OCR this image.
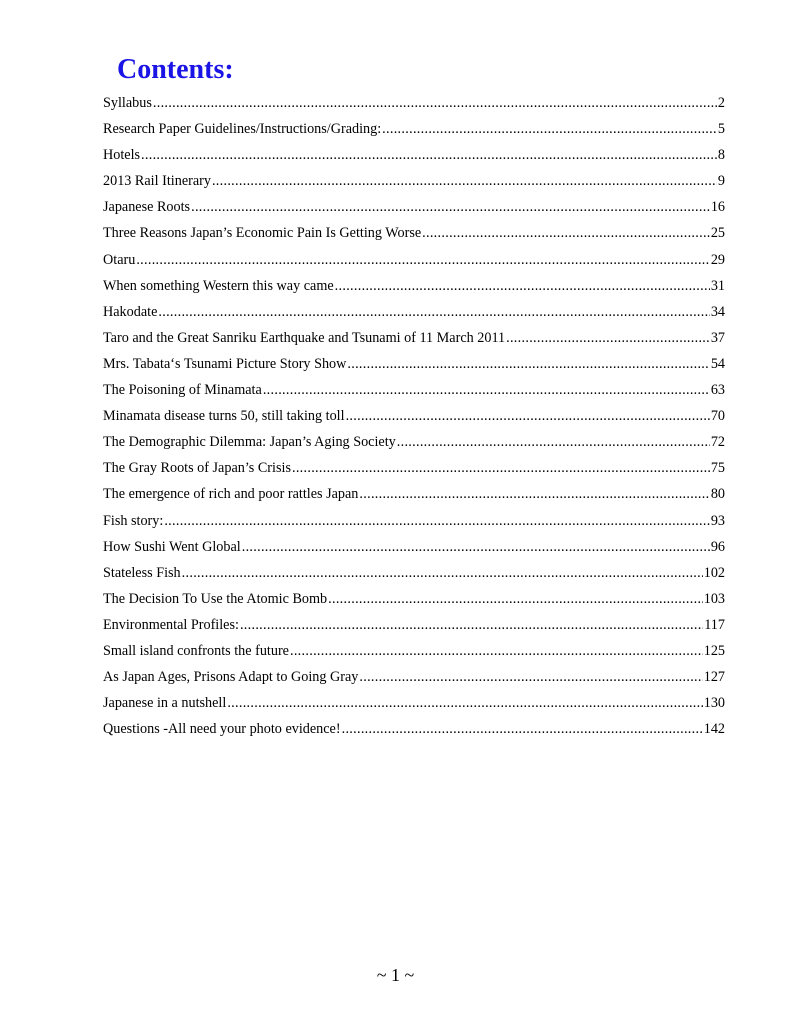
Contents:
Syllabus .....	2
Research Paper Guidelines/Instructions/Grading: .....	5
Hotels .....	8
2013 Rail Itinerary .....	9
Japanese Roots .....	16
Three Reasons Japan’s Economic Pain Is Getting Worse .....	25
Otaru .....	29
When something Western this way came .....	31
Hakodate .....	34
Taro and the Great Sanriku Earthquake and Tsunami of 11 March 2011 .....	37
Mrs. Tabata‘s Tsunami Picture Story Show .....	54
The Poisoning of Minamata .....	63
Minamata disease turns 50, still taking toll .....	70
The Demographic Dilemma: Japan’s Aging Society .....	72
The Gray Roots of Japan’s Crisis .....	75
The emergence of rich and poor rattles Japan .....	80
Fish story: .....	93
How Sushi Went Global .....	96
Stateless Fish .....	102
The Decision To Use the Atomic Bomb .....	103
Environmental Profiles: .....	117
Small island confronts the future .....	125
As Japan Ages, Prisons Adapt to Going Gray .....	127
Japanese in a nutshell .....	130
Questions -All need your photo evidence! .....	142
~ 1 ~
